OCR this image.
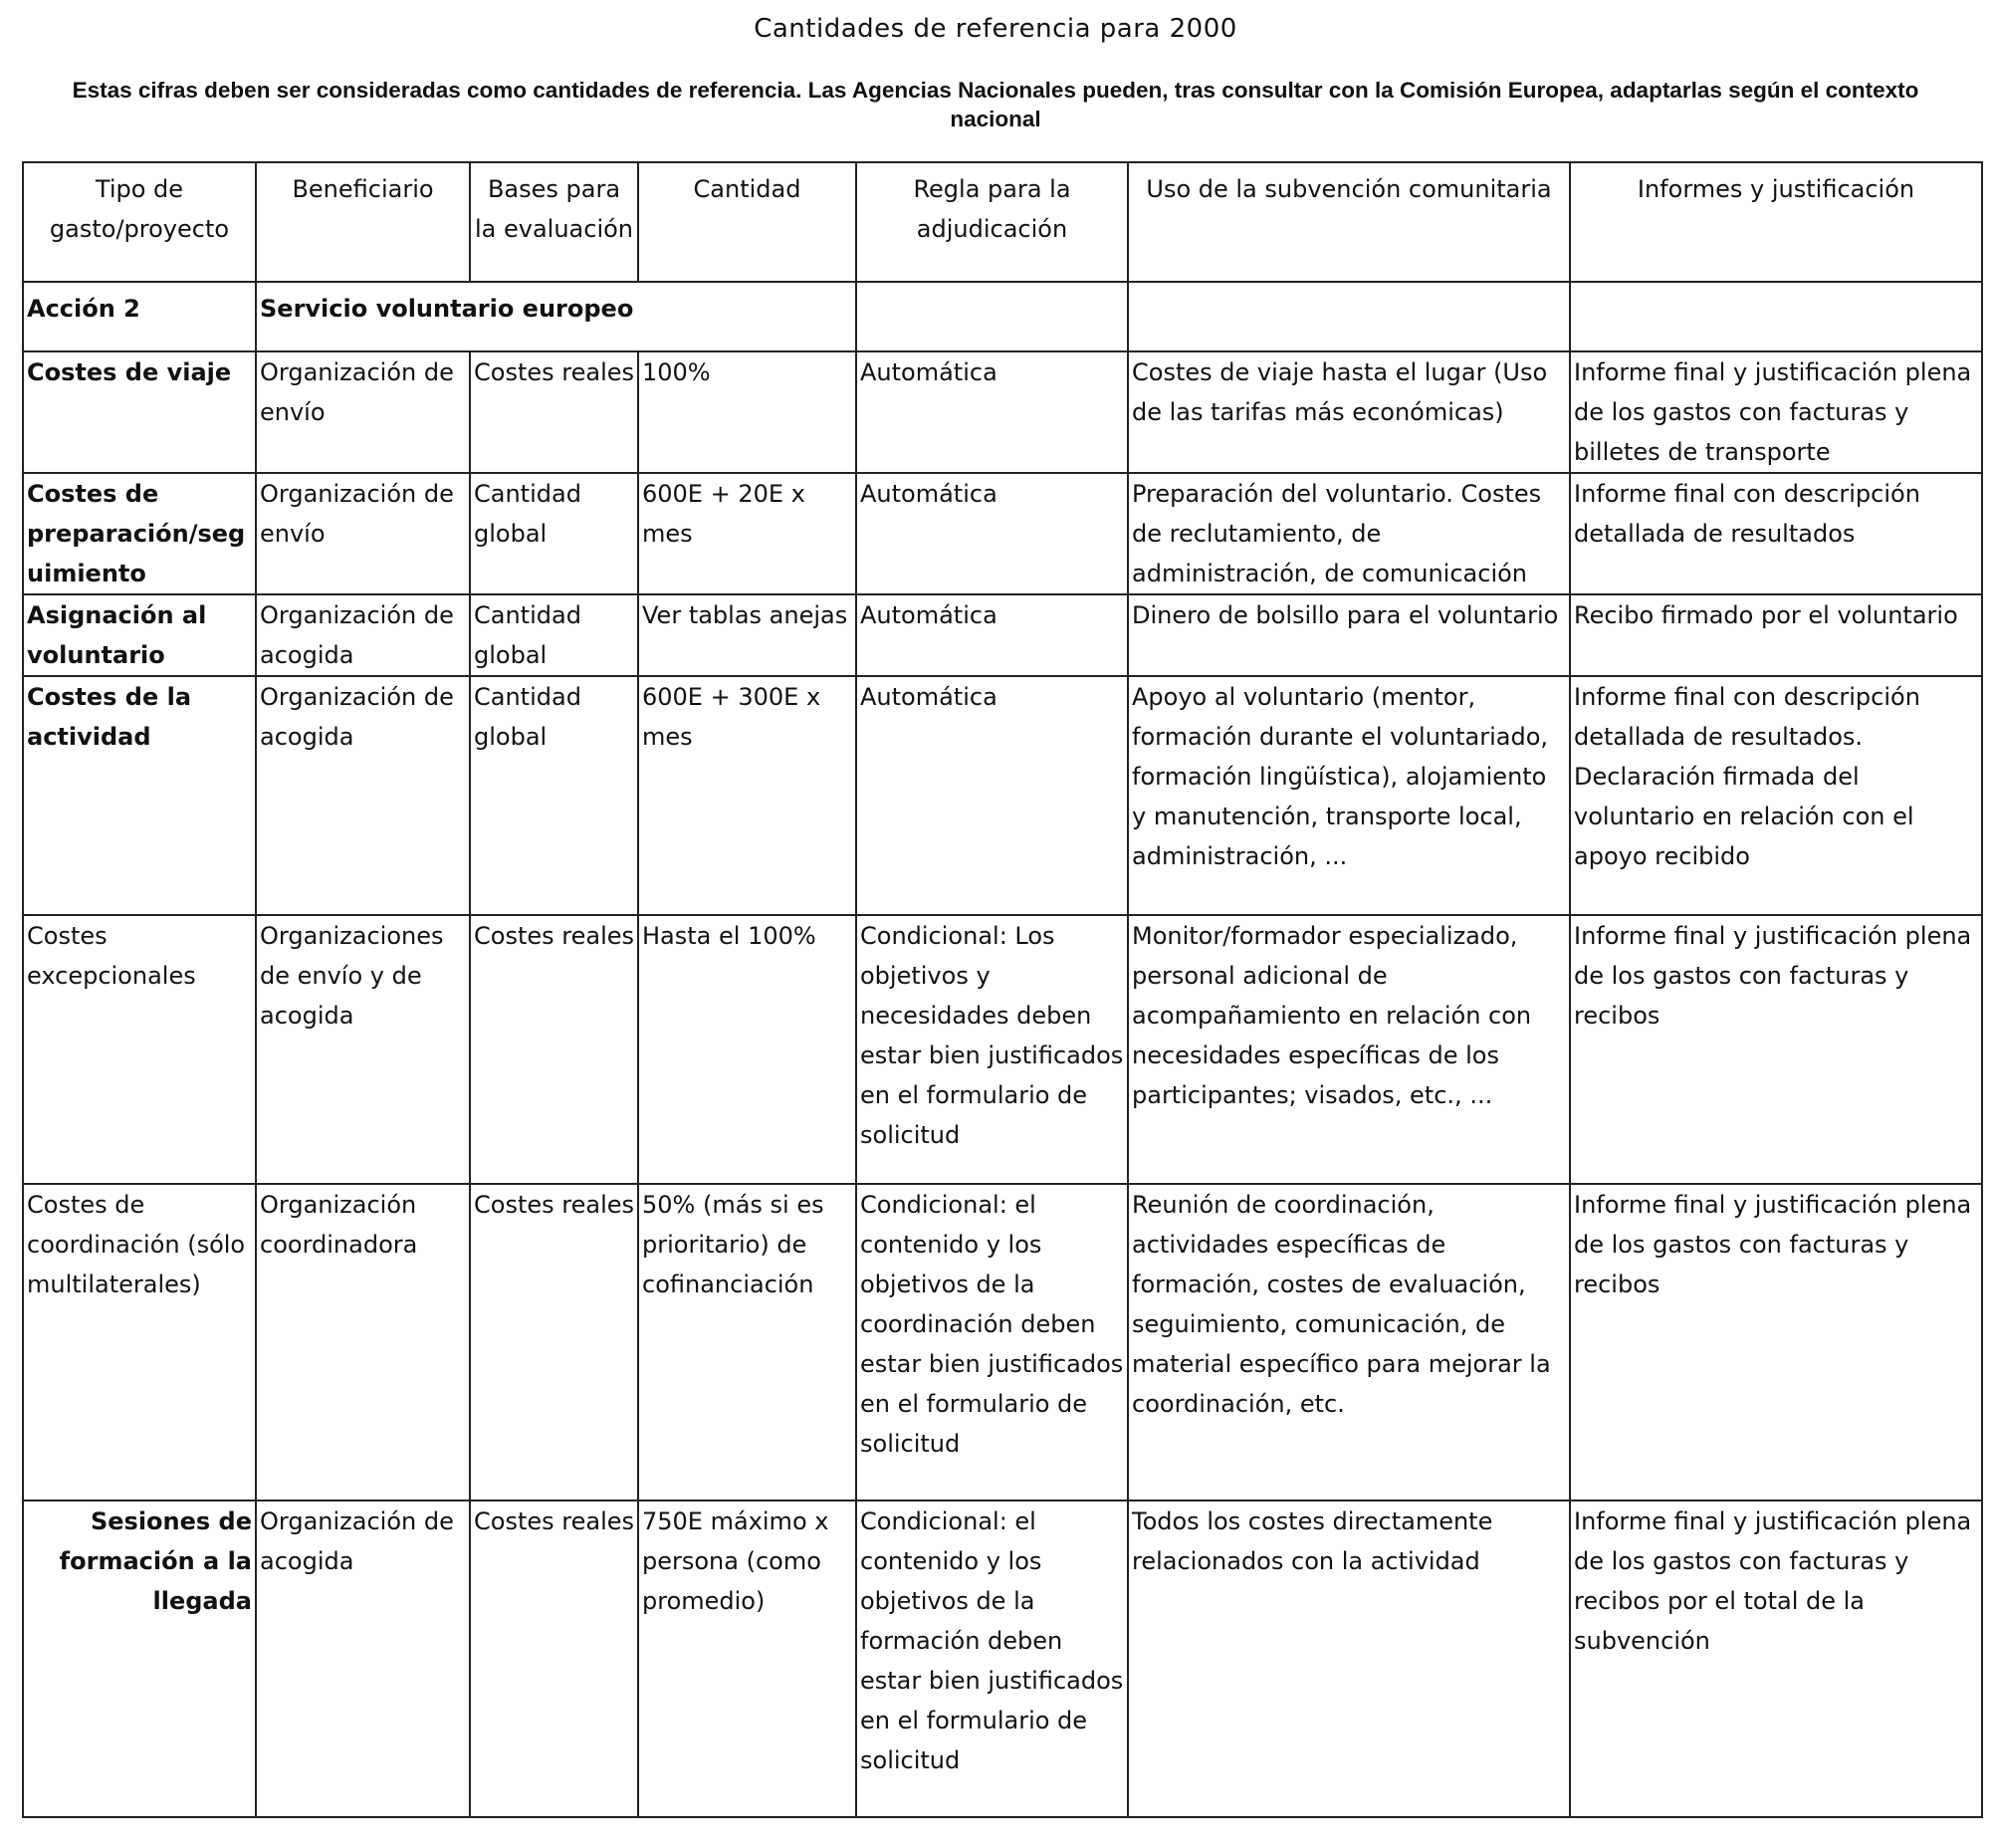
Cantidades de referencia para 2000
Estas cifras deben ser consideradas como cantidades de referencia. Las Agencias Nacionales pueden, tras consultar con la Comisión Europea, adaptarlas según el contexto nacional
Tipo de gasto/proyecto	Beneficiario	Bases para la evaluación	Cantidad	Regla para la adjudicación	Uso de la subvención comunitaria	Informes y justificación
Acción 2	Servicio voluntario europeo					
Costes de viaje	Organización de envío	Costes reales	100%	Automática	Costes de viaje hasta el lugar (Uso de las tarifas más económicas)	Informe final y justificación plena de los gastos con facturas y billetes de transporte
Costes de preparación/seguimiento	Organización de envío	Cantidad global	600E + 20E x mes	Automática	Preparación del voluntario. Costes de reclutamiento, de administración, de comunicación	Informe final con descripción detallada de resultados
Asignación al voluntario	Organización de acogida	Cantidad global	Ver tablas anejas	Automática	Dinero de bolsillo para el voluntario	Recibo firmado por el voluntario
Costes de la actividad	Organización de acogida	Cantidad global	600E + 300E x mes	Automática	Apoyo al voluntario (mentor, formación durante el voluntariado, formación lingüística), alojamiento y manutención, transporte local, administración, ...	Informe final con descripción detallada de resultados. Declaración firmada del voluntario en relación con el apoyo recibido
Costes excepcionales	Organizaciones de envío y de acogida	Costes reales	Hasta el 100%	Condicional: Los objetivos y necesidades deben estar bien justificados en el formulario de solicitud	Monitor/formador especializado, personal adicional de acompañamiento en relación con necesidades específicas de los participantes; visados, etc., ...	Informe final y justificación plena de los gastos con facturas y recibos
Costes de coordinación (sólo multilaterales)	Organización coordinadora	Costes reales	50% (más si es prioritario) de cofinanciación	Condicional: el contenido y los objetivos de la coordinación deben estar bien justificados en el formulario de solicitud	Reunión de coordinación, actividades específicas de formación, costes de evaluación, seguimiento, comunicación, de material específico para mejorar la coordinación, etc.	Informe final y justificación plena de los gastos con facturas y recibos
Sesiones de formación a la llegada	Organización de acogida	Costes reales	750E máximo x persona (como promedio)	Condicional: el contenido y los objetivos de la formación deben estar bien justificados en el formulario de solicitud	Todos los costes directamente relacionados con la actividad	Informe final y justificación plena de los gastos con facturas y recibos por el total de la subvención
